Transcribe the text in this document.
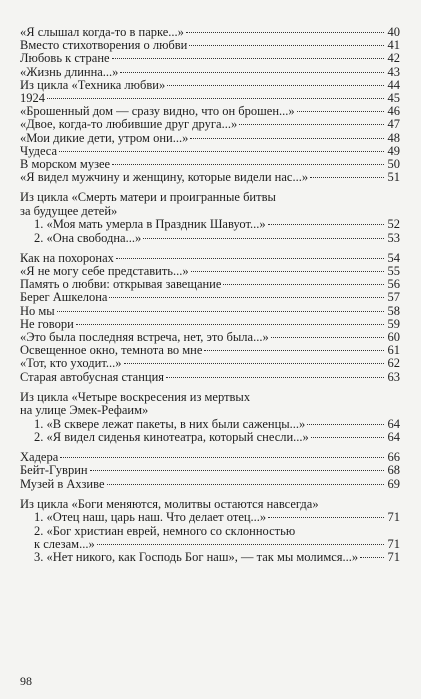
«Я слышал когда-то в парке...»	40
Вместо стихотворения о любви	41
Любовь к стране	42
«Жизнь длинна...»	43
Из цикла «Техника любви»	44
1924	45
«Брошенный дом — сразу видно, что он брошен...»	46
«Двое, когда-то любившие друг друга...»	47
«Мои дикие дети, утром они...»	48
Чудеса	49
В морском музее	50
«Я видел мужчину и женщину, которые видели нас...»	51
Из цикла «Смерть матери и проигранные битвы
за будущее детей»
1. «Моя мать умерла в Праздник Шавуот...»	52
2. «Она свободна...»	53
Как на похоронах	54
«Я не могу себе представить...»	55
Память о любви: открывая завещание	56
Берег Ашкелона	57
Но мы	58
Не говори	59
«Это была последняя встреча, нет, это была...»	60
Освещенное окно, темнота во мне	61
«Тот, кто уходит...»	62
Старая автобусная станция	63
Из цикла «Четыре воскресения из мертвых
на улице Эмек-Рефаим»
1. «В сквере лежат пакеты, в них были саженцы...»	64
2. «Я видел сиденья кинотеатра, который снесли...»	64
Хадера	66
Бейт-Гуврин	68
Музей в Ахзиве	69
Из цикла «Боги меняются, молитвы остаются навсегда»
1. «Отец наш, царь наш. Что делает отец...»	71
2. «Бог христиан еврей, немного со склонностью
к слезам...»	71
3. «Нет никого, как Господь Бог наш», — так мы молимся...» 71
98
